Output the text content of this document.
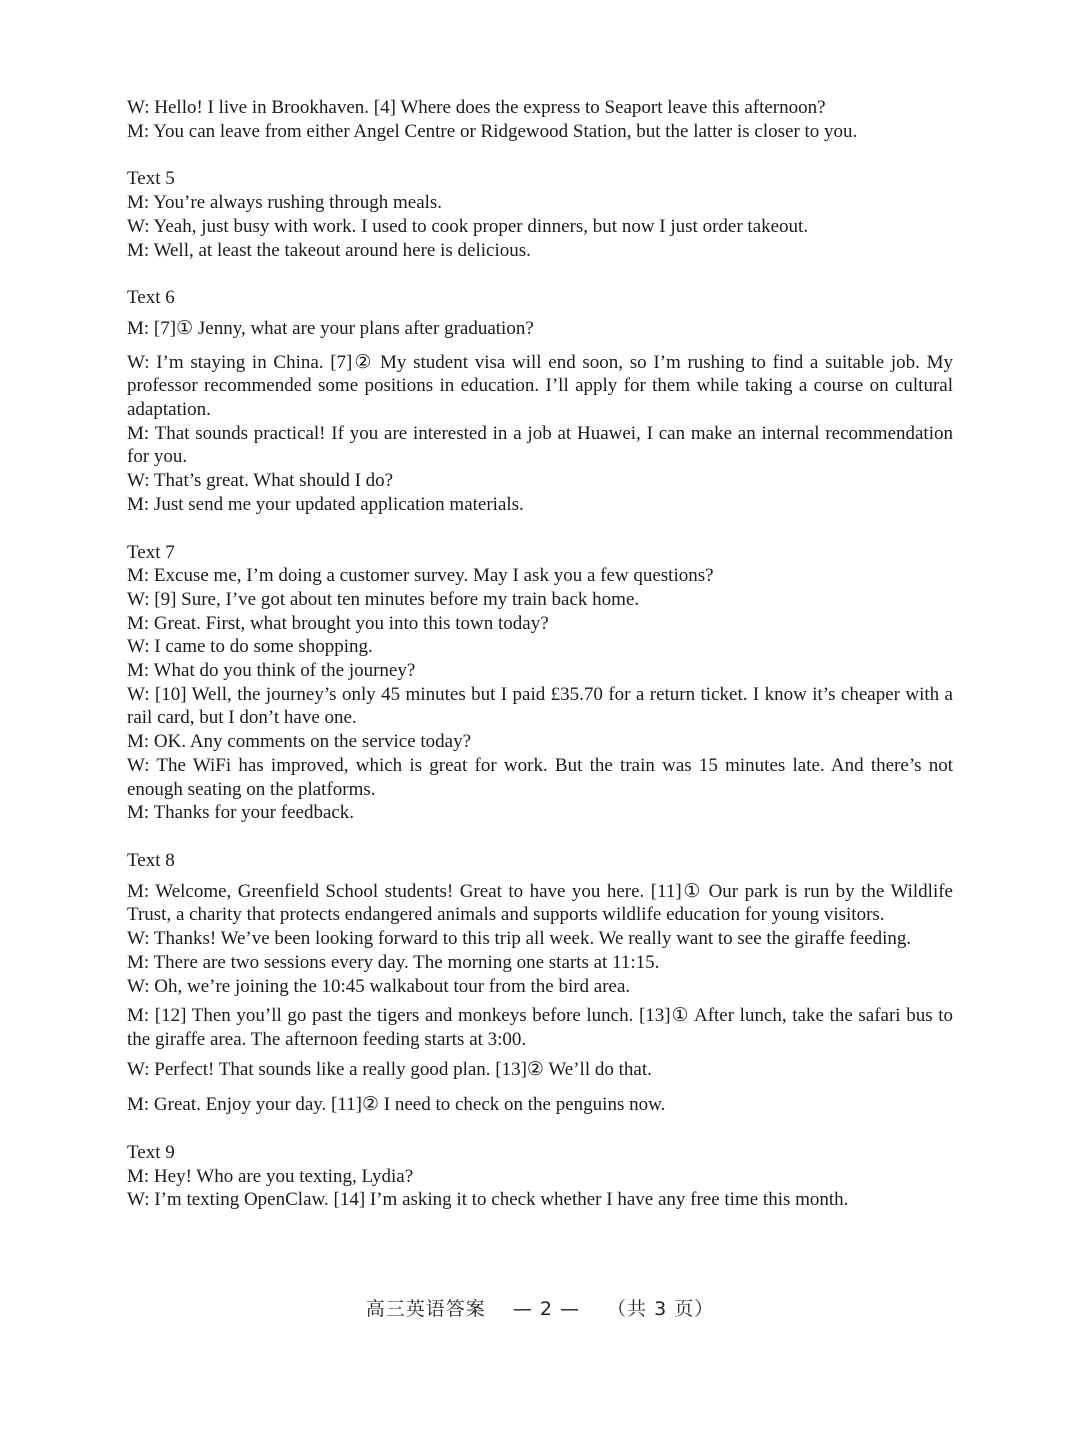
W: Hello! I live in Brookhaven. [4] Where does the express to Seaport leave this afternoon?

M: You can leave from either Angel Centre or Ridgewood Station, but the latter is closer to you.

Text 5

M: You’re always rushing through meals.

W: Yeah, just busy with work. I used to cook proper dinners, but now I just order takeout.

M: Well, at least the takeout around here is delicious.

Text 6

M: [7]① Jenny, what are your plans after graduation?

W: I’m staying in China. [7]② My student visa will end soon, so I’m rushing to find a suitable job. My professor recommended some positions in education. I’ll apply for them while taking a course on cultural adaptation.

M: That sounds practical! If you are interested in a job at Huawei, I can make an internal recommendation for you.

W: That’s great. What should I do?

M: Just send me your updated application materials.

Text 7

M: Excuse me, I’m doing a customer survey. May I ask you a few questions?

W: [9] Sure, I’ve got about ten minutes before my train back home.

M: Great. First, what brought you into this town today?

W: I came to do some shopping.

M: What do you think of the journey?

W: [10] Well, the journey’s only 45 minutes but I paid £35.70 for a return ticket. I know it’s cheaper with a rail card, but I don’t have one.

M: OK. Any comments on the service today?

W: The WiFi has improved, which is great for work. But the train was 15 minutes late. And there’s not enough seating on the platforms.

M: Thanks for your feedback.

Text 8

M: Welcome, Greenfield School students! Great to have you here. [11]① Our park is run by the Wildlife Trust, a charity that protects endangered animals and supports wildlife education for young visitors.

W: Thanks! We’ve been looking forward to this trip all week. We really want to see the giraffe feeding.

M: There are two sessions every day. The morning one starts at 11:15.

W: Oh, we’re joining the 10:45 walkabout tour from the bird area.

M: [12] Then you’ll go past the tigers and monkeys before lunch. [13]① After lunch, take the safari bus to the giraffe area. The afternoon feeding starts at 3:00.

W: Perfect! That sounds like a really good plan. [13]② We’ll do that.

M: Great. Enjoy your day. [11]② I need to check on the penguins now.

Text 9

M: Hey! Who are you texting, Lydia?

W: I’m texting OpenClaw. [14] I’m asking it to check whether I have any free time this month.

高三英语答案 — 2 — （共 3 页）
